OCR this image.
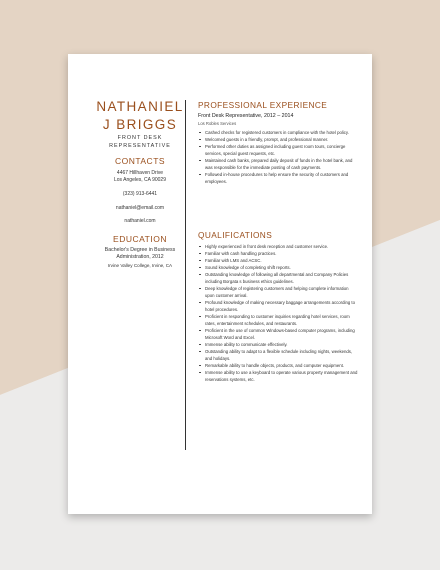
NATHANIEL
J BRIGGS
FRONT DESK
REPRESENTATIVE
CONTACTS
4467 Hillhaven Drive
Los Angeles, CA 90029
(323) 913-6441
nathaniel@email.com
nathaniel.com
EDUCATION
Bachelor's Degree in Business
Administration, 2012
Irvine Valley College, Irvine, CA
PROFESSIONAL EXPERIENCE
Front Desk Representative, 2012 – 2014
Los Robles Services
Cashed checks for registered customers in compliance with the hotel policy.
Welcomed guests in a friendly, prompt, and professional manner.
Performed other duties as assigned including guest room tours, concierge services, special guest requests, etc.
Maintained cash banks, prepared daily deposit of funds in the hotel bank, and was responsible for the immediate posting of cash payments.
Followed in-house procedures to help ensure the security of customers and employees.
QUALIFICATIONS
Highly experienced in front desk reception and customer service.
Familiar with cash handling practices.
Familiar with LMS and ACSC.
Sound knowledge of completing shift reports.
Outstanding knowledge of following all departmental and Company Policies including Borgata s business ethics guidelines.
Deep knowledge of registering customers and helping complete information upon customer arrival.
Profound knowledge of making necessary baggage arrangements according to hotel procedures.
Proficient in responding to customer inquiries regarding hotel services, room rates, entertainment schedules, and restaurants.
Proficient in the use of common Windows-based computer programs, including Microsoft Word and Excel.
Immense ability to communicate effectively.
Outstanding ability to adapt to a flexible schedule including nights, weekends, and holidays.
Remarkable ability to handle objects, products, and computer equipment.
Immense ability to use a keyboard to operate various property management and reservations systems, etc.
